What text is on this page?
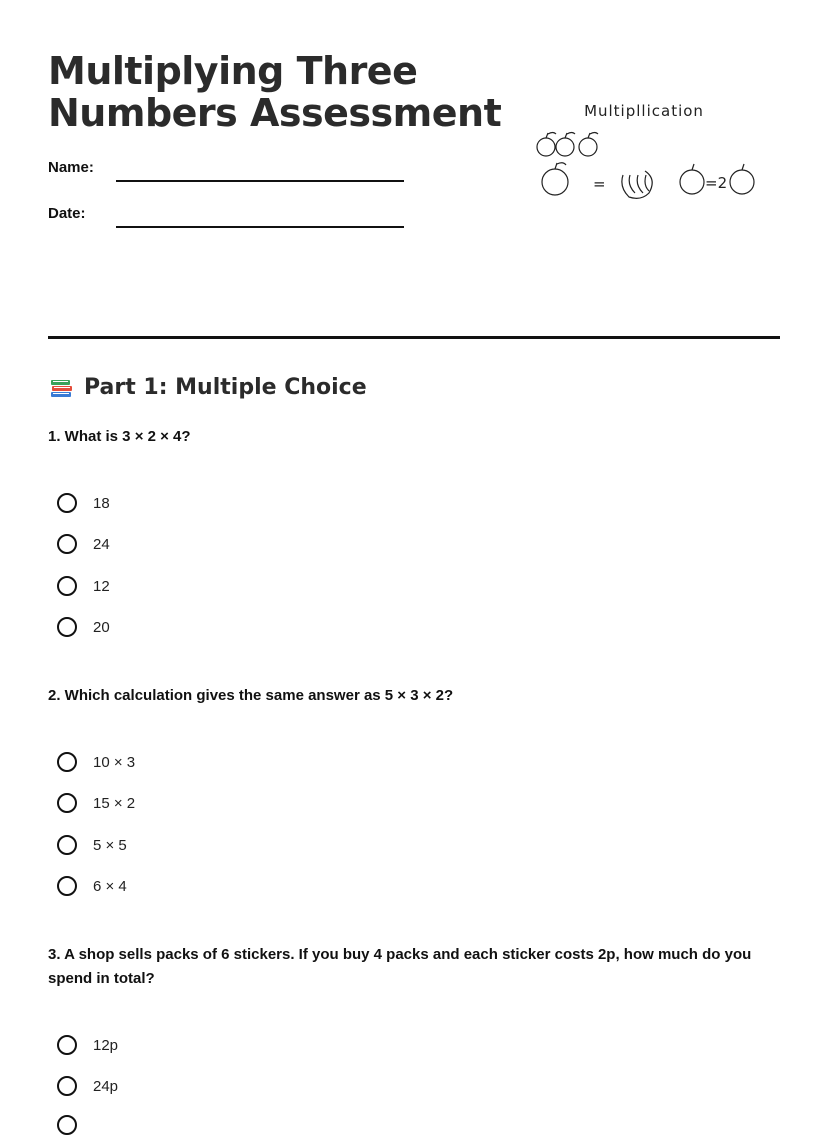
Multiplying Three
Numbers Assessment
Name:
Date:
Multipllication
=	=2
Part 1: Multiple Choice

1. What is 3 × 2 × 4?

18
24
12
20

2. Which calculation gives the same answer as 5 × 3 × 2?

10 × 3
15 × 2
5 × 5
6 × 4

3. A shop sells packs of 6 stickers. If you buy 4 packs and each sticker costs 2p, how much do you spend in total?

12p
24p
